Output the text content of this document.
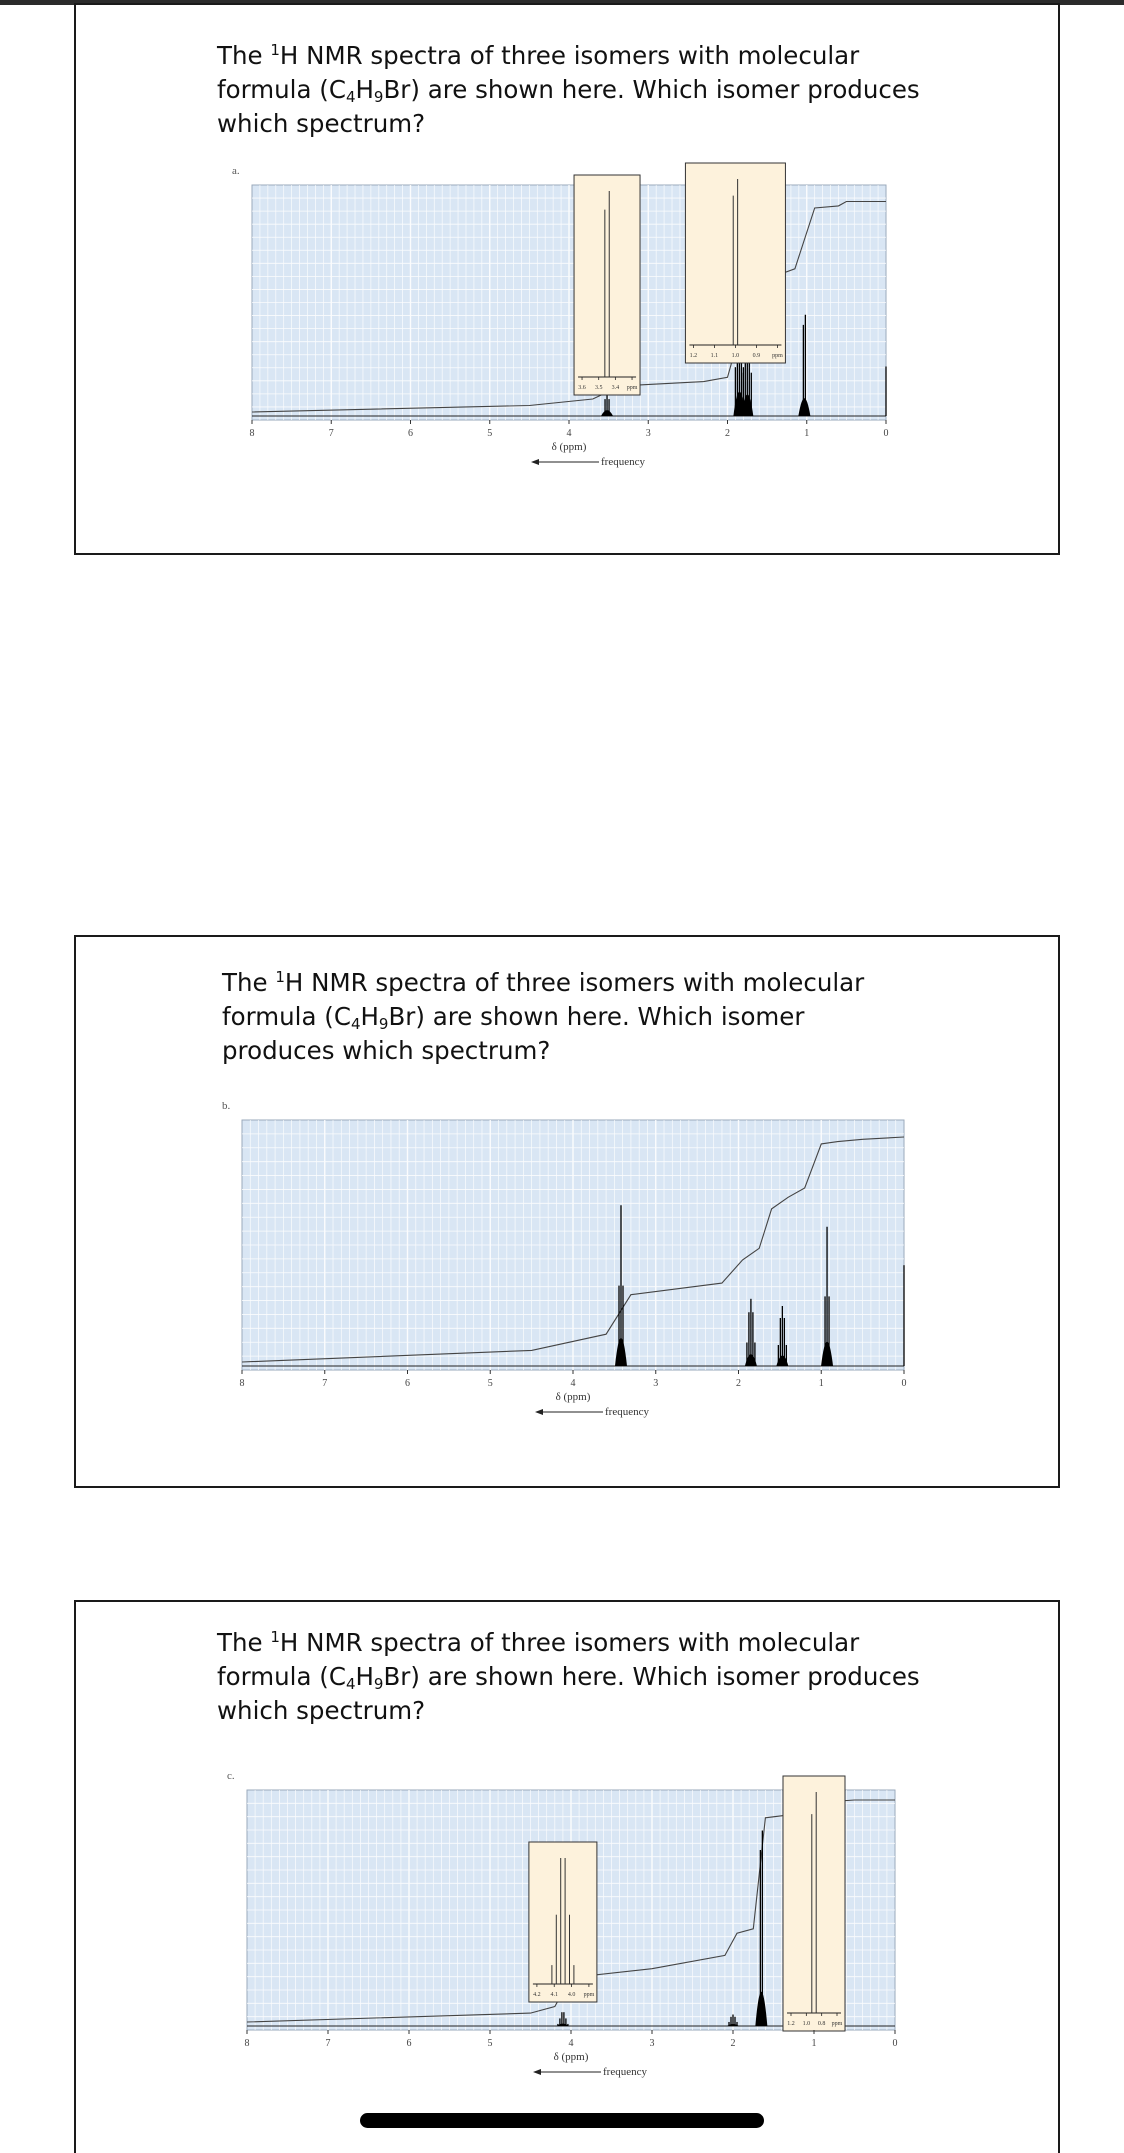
The $^1$H NMR spectra of three isomers with molecular
formula $(C_4H_9Br)$ are shown here. Which isomer produces
which spectrum?
a.
3.6 3.5 3.4 ppm
1.2 1.1 1.0 0.9 ppm
8	7	6	5	4	3	2	1	0
δ (ppm)
frequency
The $^1$H NMR spectra of three isomers with molecular
formula $(C_4H_9Br)$ are shown here. Which isomer
produces which spectrum?
b.
8	7	6	5	4	3	2	1	0
δ (ppm)
frequency
The $^1$H NMR spectra of three isomers with molecular
formula $(C_4H_9Br)$ are shown here. Which isomer produces
which spectrum?
c.
4.2 4.1 4.0 ppm
1.2 1.0 0.8 ppm
8	7	6	5	4	3	2	1	0
δ (ppm)
frequency
